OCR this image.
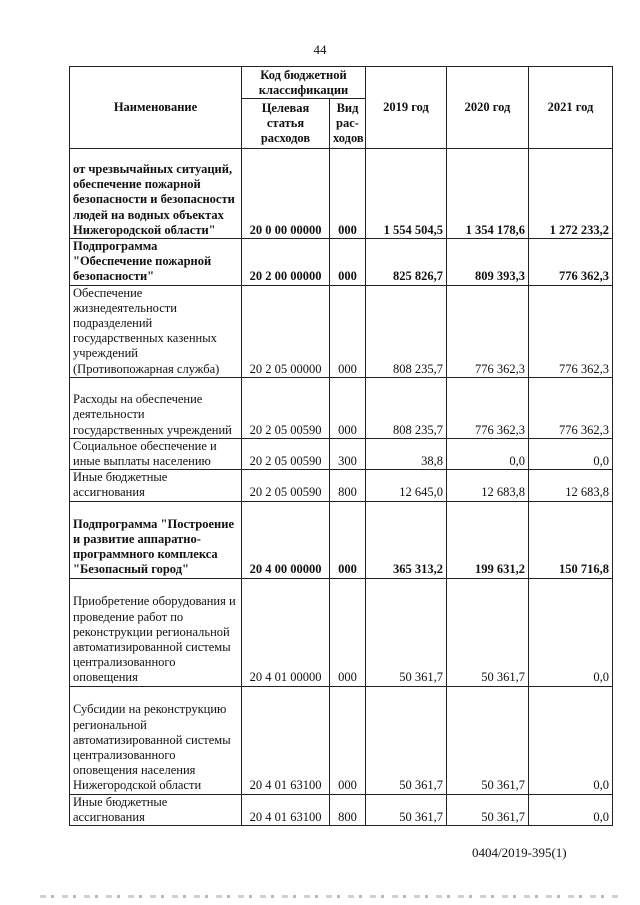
44
Наименование	Код бюджетной классификации		2019 год	2020 год	2021 год
	Целевая статья расходов	Вид рас-ходов			
от чрезвычайных ситуаций, обеспечение пожарной безопасности и безопасности людей на водных объектах Нижегородской области"	20 0 00 00000	000	1 554 504,5	1 354 178,6	1 272 233,2
Подпрограмма "Обеспечение пожарной безопасности"	20 2 00 00000	000	825 826,7	809 393,3	776 362,3
Обеспечение жизнедеятельности подразделений государственных казенных учреждений (Противопожарная служба)	20 2 05 00000	000	808 235,7	776 362,3	776 362,3
Расходы на обеспечение деятельности государственных учреждений	20 2 05 00590	000	808 235,7	776 362,3	776 362,3
Социальное обеспечение и иные выплаты населению	20 2 05 00590	300	38,8	0,0	0,0
Иные бюджетные ассигнования	20 2 05 00590	800	12 645,0	12 683,8	12 683,8
Подпрограмма "Построение и развитие аппаратно-программного комплекса "Безопасный город"	20 4 00 00000	000	365 313,2	199 631,2	150 716,8
Приобретение оборудования и проведение работ по реконструкции региональной автоматизированной системы централизованного оповещения	20 4 01 00000	000	50 361,7	50 361,7	0,0
Субсидии на реконструкцию региональной автоматизированной системы централизованного оповещения населения Нижегородской области	20 4 01 63100	000	50 361,7	50 361,7	0,0
Иные бюджетные ассигнования	20 4 01 63100	800	50 361,7	50 361,7	0,0
0404/2019-395(1)
